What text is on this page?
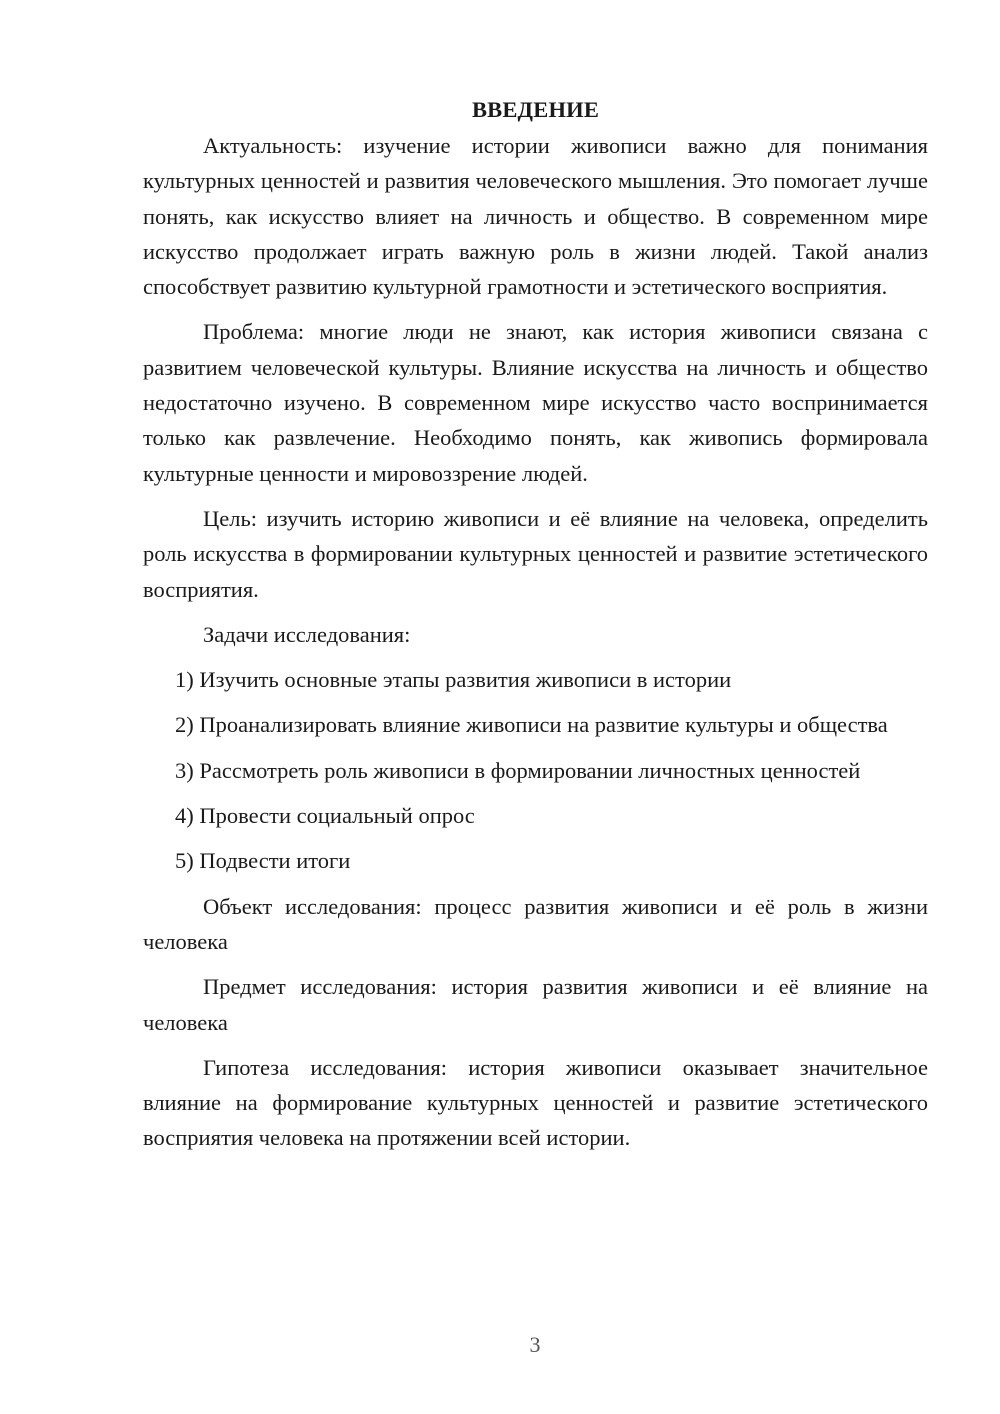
ВВЕДЕНИЕ

Актуальность: изучение истории живописи важно для понимания культурных ценностей и развития человеческого мышления. Это помогает лучше понять, как искусство влияет на личность и общество. В современном мире искусство продолжает играть важную роль в жизни людей. Такой анализ способствует развитию культурной грамотности и эстетического восприятия.

Проблема: многие люди не знают, как история живописи связана с развитием человеческой культуры. Влияние искусства на личность и общество недостаточно изучено. В современном мире искусство часто воспринимается только как развлечение. Необходимо понять, как живопись формировала культурные ценности и мировоззрение людей.

Цель: изучить историю живописи и её влияние на человека, определить роль искусства в формировании культурных ценностей и развитие эстетического восприятия.

Задачи исследования:

1) Изучить основные этапы развития живописи в истории

2) Проанализировать влияние живописи на развитие культуры и общества

3) Рассмотреть роль живописи в формировании личностных ценностей

4) Провести социальный опрос

5) Подвести итоги

Объект исследования: процесс развития живописи и её роль в жизни человека

Предмет исследования: история развития живописи и её влияние на человека

Гипотеза исследования: история живописи оказывает значительное влияние на формирование культурных ценностей и развитие эстетического восприятия человека на протяжении всей истории.

3
